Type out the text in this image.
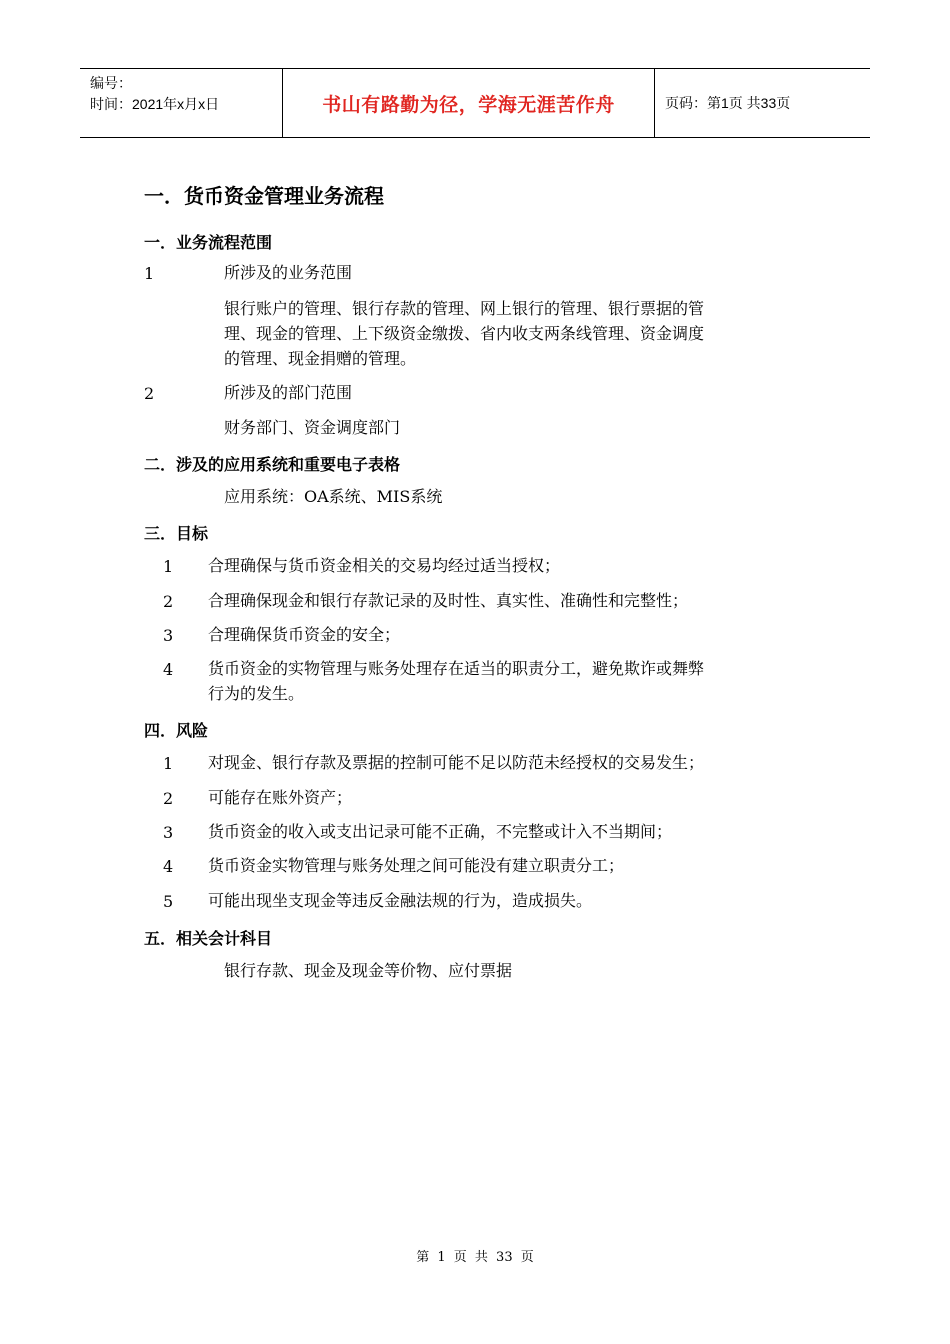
编号：
时间：2021年x月x日	书山有路勤为径，学海无涯苦作舟	页码：第1页 共33页
一．货币资金管理业务流程
一．业务流程范围
1	所涉及的业务范围
银行账户的管理、银行存款的管理、网上银行的管理、银行票据的管
理、现金的管理、上下级资金缴拨、省内收支两条线管理、资金调度
的管理、现金捐赠的管理。
2	所涉及的部门范围
财务部门、资金调度部门
二．涉及的应用系统和重要电子表格
应用系统：OA系统、MIS系统
三．目标
1 合理确保与货币资金相关的交易均经过适当授权；
2 合理确保现金和银行存款记录的及时性、真实性、准确性和完整性；
3 合理确保货币资金的安全；
4 货币资金的实物管理与账务处理存在适当的职责分工，避免欺诈或舞弊
行为的发生。
四．风险
1 对现金、银行存款及票据的控制可能不足以防范未经授权的交易发生；
2 可能存在账外资产；
3 货币资金的收入或支出记录可能不正确，不完整或计入不当期间；
4 货币资金实物管理与账务处理之间可能没有建立职责分工；
5 可能出现坐支现金等违反金融法规的行为，造成损失。
五．相关会计科目
银行存款、现金及现金等价物、应付票据
第 1 页 共 33 页
